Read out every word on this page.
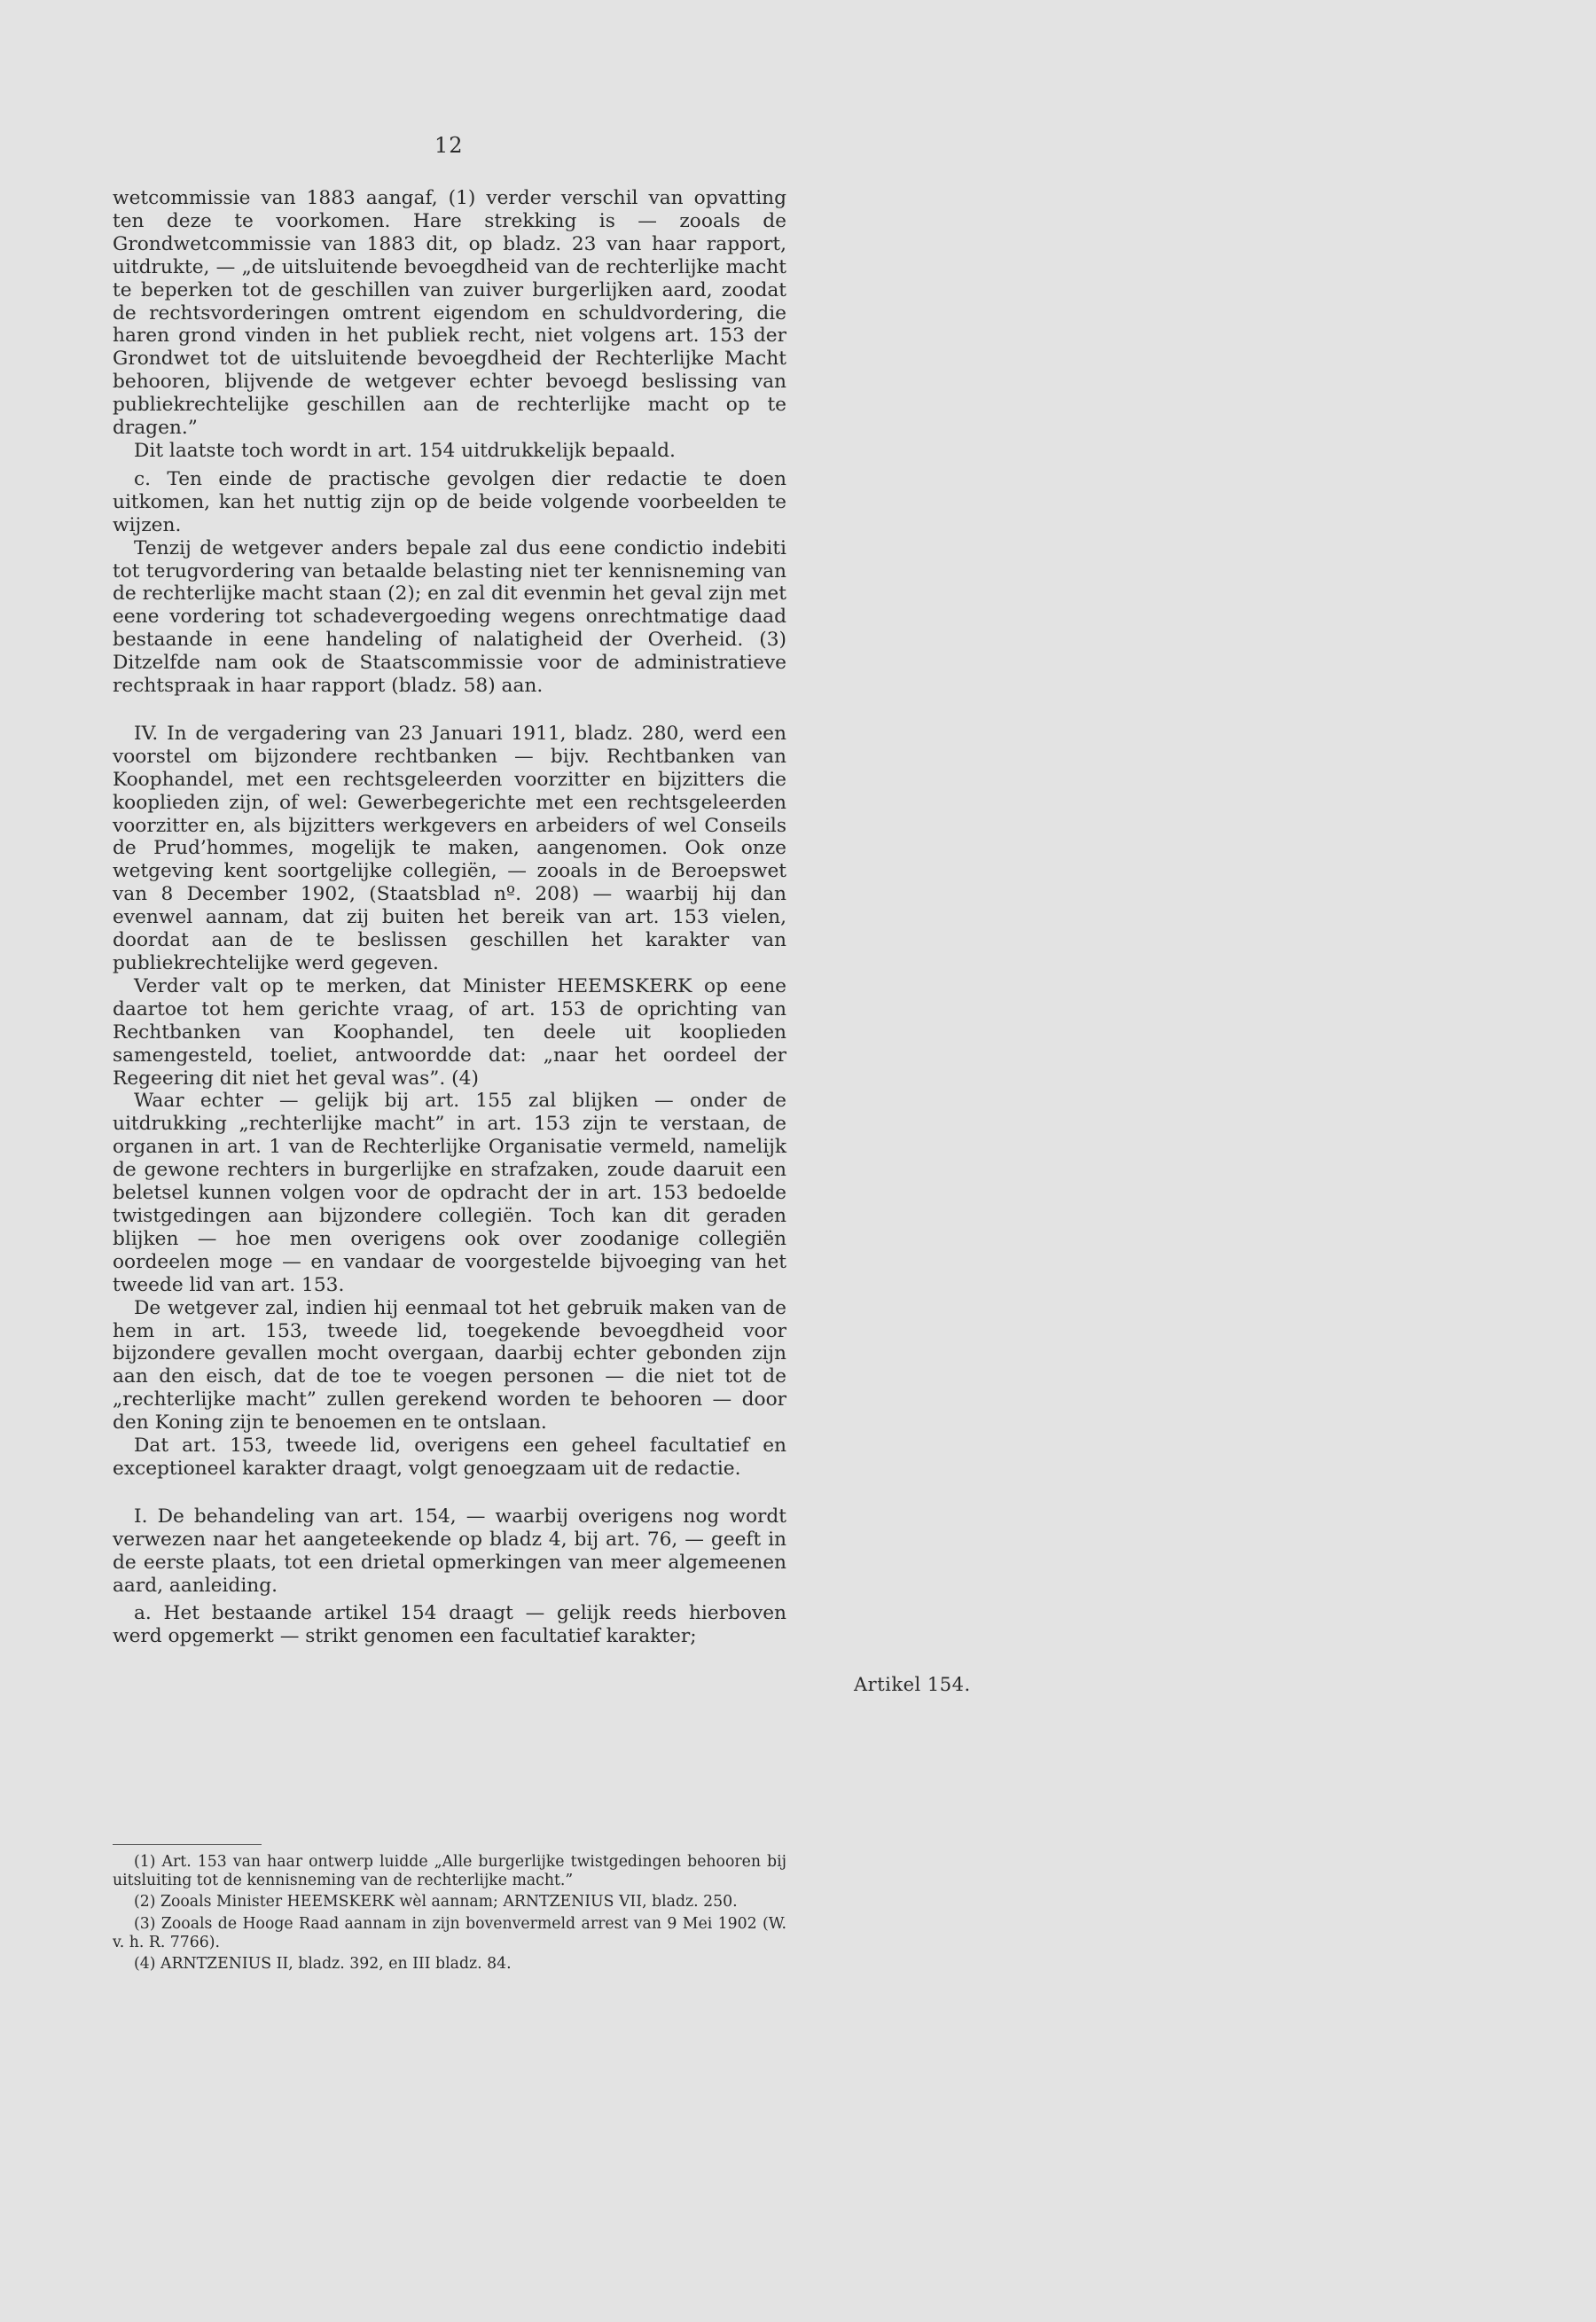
12

wetcommissie van 1883 aangaf, (1) verder verschil van opvatting ten deze te voorkomen. Hare strekking is — zooals de Grondwetcommissie van 1883 dit, op bladz. 23 van haar rapport, uitdrukte, — „de uitsluitende bevoegdheid van de rechterlijke macht te beperken tot de geschillen van zuiver burgerlijken aard, zoodat de rechtsvorderingen omtrent eigendom en schuldvordering, die haren grond vinden in het publiek recht, niet volgens art. 153 der Grondwet tot de uitsluitende bevoegdheid der Rechterlijke Macht behooren, blijvende de wetgever echter bevoegd beslissing van publiekrechtelijke geschillen aan de rechterlijke macht op te dragen.”

Dit laatste toch wordt in art. 154 uitdrukkelijk bepaald.

c. Ten einde de practische gevolgen dier redactie te doen uitkomen, kan het nuttig zijn op de beide volgende voorbeelden te wijzen.

Tenzij de wetgever anders bepale zal dus eene condictio indebiti tot terugvordering van betaalde belasting niet ter kennisneming van de rechterlijke macht staan (2); en zal dit evenmin het geval zijn met eene vordering tot schadevergoeding wegens onrechtmatige daad bestaande in eene handeling of nalatigheid der Overheid. (3) Ditzelfde nam ook de Staatscommissie voor de administratieve rechtspraak in haar rapport (bladz. 58) aan.

IV. In de vergadering van 23 Januari 1911, bladz. 280, werd een voorstel om bijzondere rechtbanken — bijv. Rechtbanken van Koophandel, met een rechtsgeleerden voorzitter en bijzitters die kooplieden zijn, of wel: Gewerbegerichte met een rechtsgeleerden voorzitter en, als bijzitters werkgevers en arbeiders of wel Conseils de Prud’hommes, mogelijk te maken, aangenomen. Ook onze wetgeving kent soortgelijke collegiën, — zooals in de Beroepswet van 8 December 1902, (Staatsblad nº. 208) — waarbij hij dan evenwel aannam, dat zij buiten het bereik van art. 153 vielen, doordat aan de te beslissen geschillen het karakter van publiekrechtelijke werd gegeven.

Verder valt op te merken, dat Minister HEEMSKERK op eene daartoe tot hem gerichte vraag, of art. 153 de oprichting van Rechtbanken van Koophandel, ten deele uit kooplieden samengesteld, toeliet, antwoordde dat: „naar het oordeel der Regeering dit niet het geval was”. (4)

Waar echter — gelijk bij art. 155 zal blijken — onder de uitdrukking „rechterlijke macht” in art. 153 zijn te verstaan, de organen in art. 1 van de Rechterlijke Organisatie vermeld, namelijk de gewone rechters in burgerlijke en strafzaken, zoude daaruit een beletsel kunnen volgen voor de opdracht der in art. 153 bedoelde twistgedingen aan bijzondere collegiën. Toch kan dit geraden blijken — hoe men overigens ook over zoodanige collegiën oordeelen moge — en vandaar de voorgestelde bijvoeging van het tweede lid van art. 153.

De wetgever zal, indien hij eenmaal tot het gebruik maken van de hem in art. 153, tweede lid, toegekende bevoegdheid voor bijzondere gevallen mocht overgaan, daarbij echter gebonden zijn aan den eisch, dat de toe te voegen personen — die niet tot de „rechterlijke macht” zullen gerekend worden te behooren — door den Koning zijn te benoemen en te ontslaan.

Dat art. 153, tweede lid, overigens een geheel facultatief en exceptioneel karakter draagt, volgt genoegzaam uit de redactie.

I. De behandeling van art. 154, — waarbij overigens nog wordt verwezen naar het aangeteekende op bladz 4, bij art. 76, — geeft in de eerste plaats, tot een drietal opmerkingen van meer algemeenen aard, aanleiding.

a. Het bestaande artikel 154 draagt — gelijk reeds hierboven werd opgemerkt — strikt genomen een facultatief karakter;

Artikel 154.

(1) Art. 153 van haar ontwerp luidde „Alle burgerlijke twistgedingen behooren bij uitsluiting tot de kennisneming van de rechterlijke macht.”

(2) Zooals Minister HEEMSKERK wèl aannam; ARNTZENIUS VII, bladz. 250.

(3) Zooals de Hooge Raad aannam in zijn bovenvermeld arrest van 9 Mei 1902 (W. v. h. R. 7766).

(4) ARNTZENIUS II, bladz. 392, en III bladz. 84.
